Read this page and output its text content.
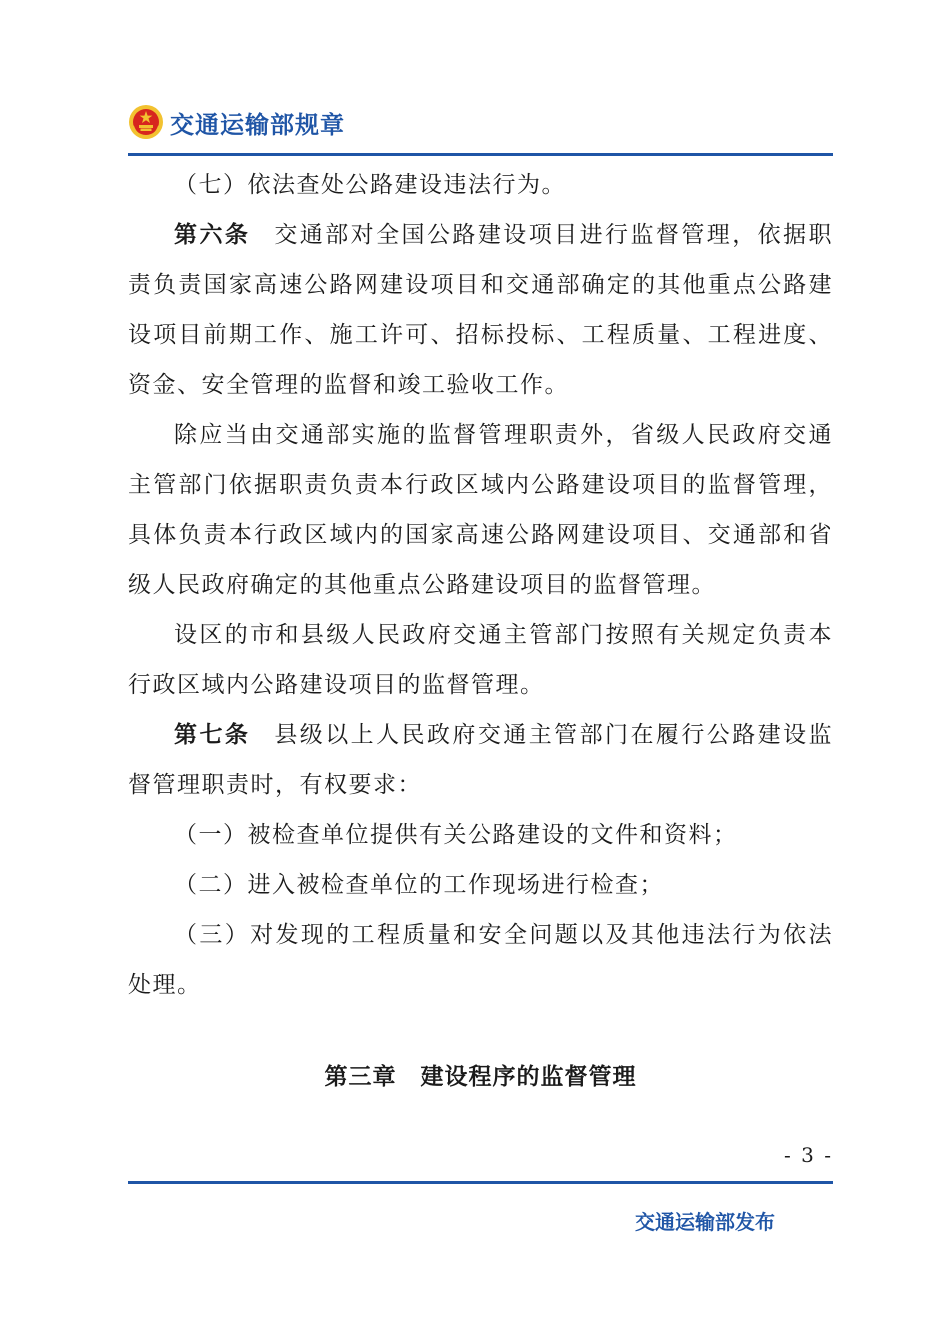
交通运输部规章

（七）依法查处公路建设违法行为。

第六条 交通部对全国公路建设项目进行监督管理，依据职责负责国家高速公路网建设项目和交通部确定的其他重点公路建设项目前期工作、施工许可、招标投标、工程质量、工程进度、资金、安全管理的监督和竣工验收工作。

除应当由交通部实施的监督管理职责外，省级人民政府交通主管部门依据职责负责本行政区域内公路建设项目的监督管理，具体负责本行政区域内的国家高速公路网建设项目、交通部和省级人民政府确定的其他重点公路建设项目的监督管理。

设区的市和县级人民政府交通主管部门按照有关规定负责本行政区域内公路建设项目的监督管理。

第七条 县级以上人民政府交通主管部门在履行公路建设监督管理职责时，有权要求：

（一）被检查单位提供有关公路建设的文件和资料；

（二）进入被检查单位的工作现场进行检查；

（三）对发现的工程质量和安全问题以及其他违法行为依法处理。

第三章　建设程序的监督管理
- 3 -
交通运输部发布
